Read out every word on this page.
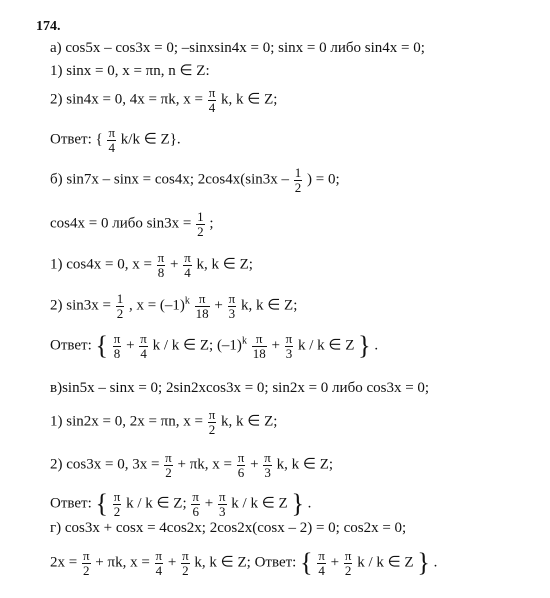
174.
а) cos5x – cos3x = 0; –sinxsin4x = 0; sinx = 0 либо sin4x = 0;
1) sinx = 0, x = πn, n ∈ Z:
2) sin4x = 0, 4x = πk, $x = \frac{\pi}{4} k$, k ∈ Z;
Ответ: { $\frac{\pi}{4} k/k$ ∈ Z}.
б) sin7x – sinx = cos4x; $2\cos 4x(\sin 3x - \frac{1}{2}$ ) = 0;
cos4x = 0 либо $\sin 3x = \frac{1}{2}$ ;
1) cos4x = 0, $x = \frac{\pi}{8} + \frac{\pi}{4} k$, k ∈ Z;
2) $\sin 3x = \frac{1}{2}$ , $x = (-1)^k \frac{\pi}{18} + \frac{\pi}{3} k$, k ∈ Z;
Ответ: { $\frac{\pi}{8} + \frac{\pi}{4}$ k / k ∈ Z; $(-1)^k \frac{\pi}{18} + \frac{\pi}{3}$ k / k ∈ Z } .
в)sin5x – sinx = 0; 2sin2xcos3x = 0; sin2x = 0 либо cos3x = 0;
1) sin2x = 0, 2x = πn, $x = \frac{\pi}{2} k$, k ∈ Z;
2) cos3x = 0, $3x = \frac{\pi}{2} + \pi k$, $x = \frac{\pi}{6} + \frac{\pi}{3} k$, k ∈ Z;
Ответ: { $\frac{\pi}{2}$ k / k ∈ Z; $\frac{\pi}{6} + \frac{\pi}{3}$ k / k ∈ Z } .
г) cos3x + cosx = 4cos2x; 2cos2x(cosx – 2) = 0; cos2x = 0;
$2x = \frac{\pi}{2} + \pi k$, $x = \frac{\pi}{4} + \frac{\pi}{2} k$, k ∈ Z; Ответ: { $\frac{\pi}{4} + \frac{\pi}{2}$ k / k ∈ Z } .
